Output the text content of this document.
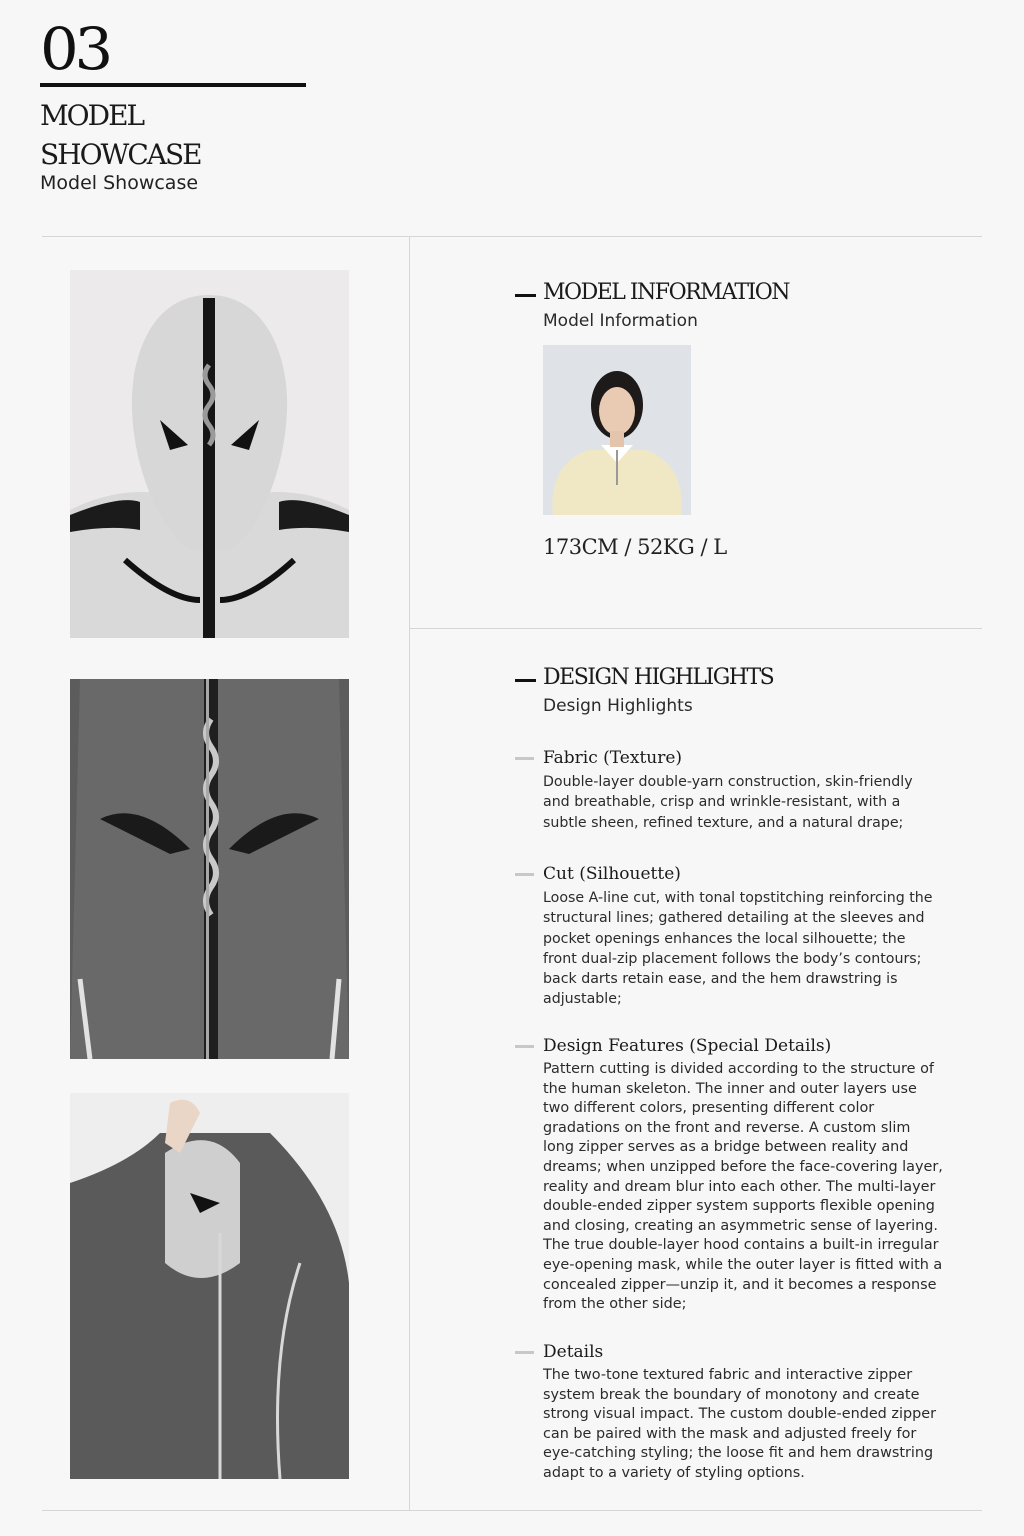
03
MODEL SHOWCASE
Model Showcase
MODEL INFORMATION
Model Information
173CM / 52KG / L
DESIGN HIGHLIGHTS
Design Highlights
Fabric (Texture)
Double-layer double-yarn construction, skin-friendly and breathable, crisp and wrinkle-resistant, with a subtle sheen, refined texture, and a natural drape;
Cut (Silhouette)
Loose A-line cut, with tonal topstitching reinforcing the structural lines; gathered detailing at the sleeves and pocket openings enhances the local silhouette; the front dual-zip placement follows the body’s contours; back darts retain ease, and the hem drawstring is adjustable;
Design Features (Special Details)
Pattern cutting is divided according to the structure of the human skeleton. The inner and outer layers use two different colors, presenting different color gradations on the front and reverse. A custom slim long zipper serves as a bridge between reality and dreams; when unzipped before the face-covering layer, reality and dream blur into each other. The multi-layer double-ended zipper system supports flexible opening and closing, creating an asymmetric sense of layering. The true double-layer hood contains a built-in irregular eye-opening mask, while the outer layer is fitted with a concealed zipper—unzip it, and it becomes a response from the other side;
Details
The two-tone textured fabric and interactive zipper system break the boundary of monotony and create strong visual impact. The custom double-ended zipper can be paired with the mask and adjusted freely for eye-catching styling; the loose fit and hem drawstring adapt to a variety of styling options.
